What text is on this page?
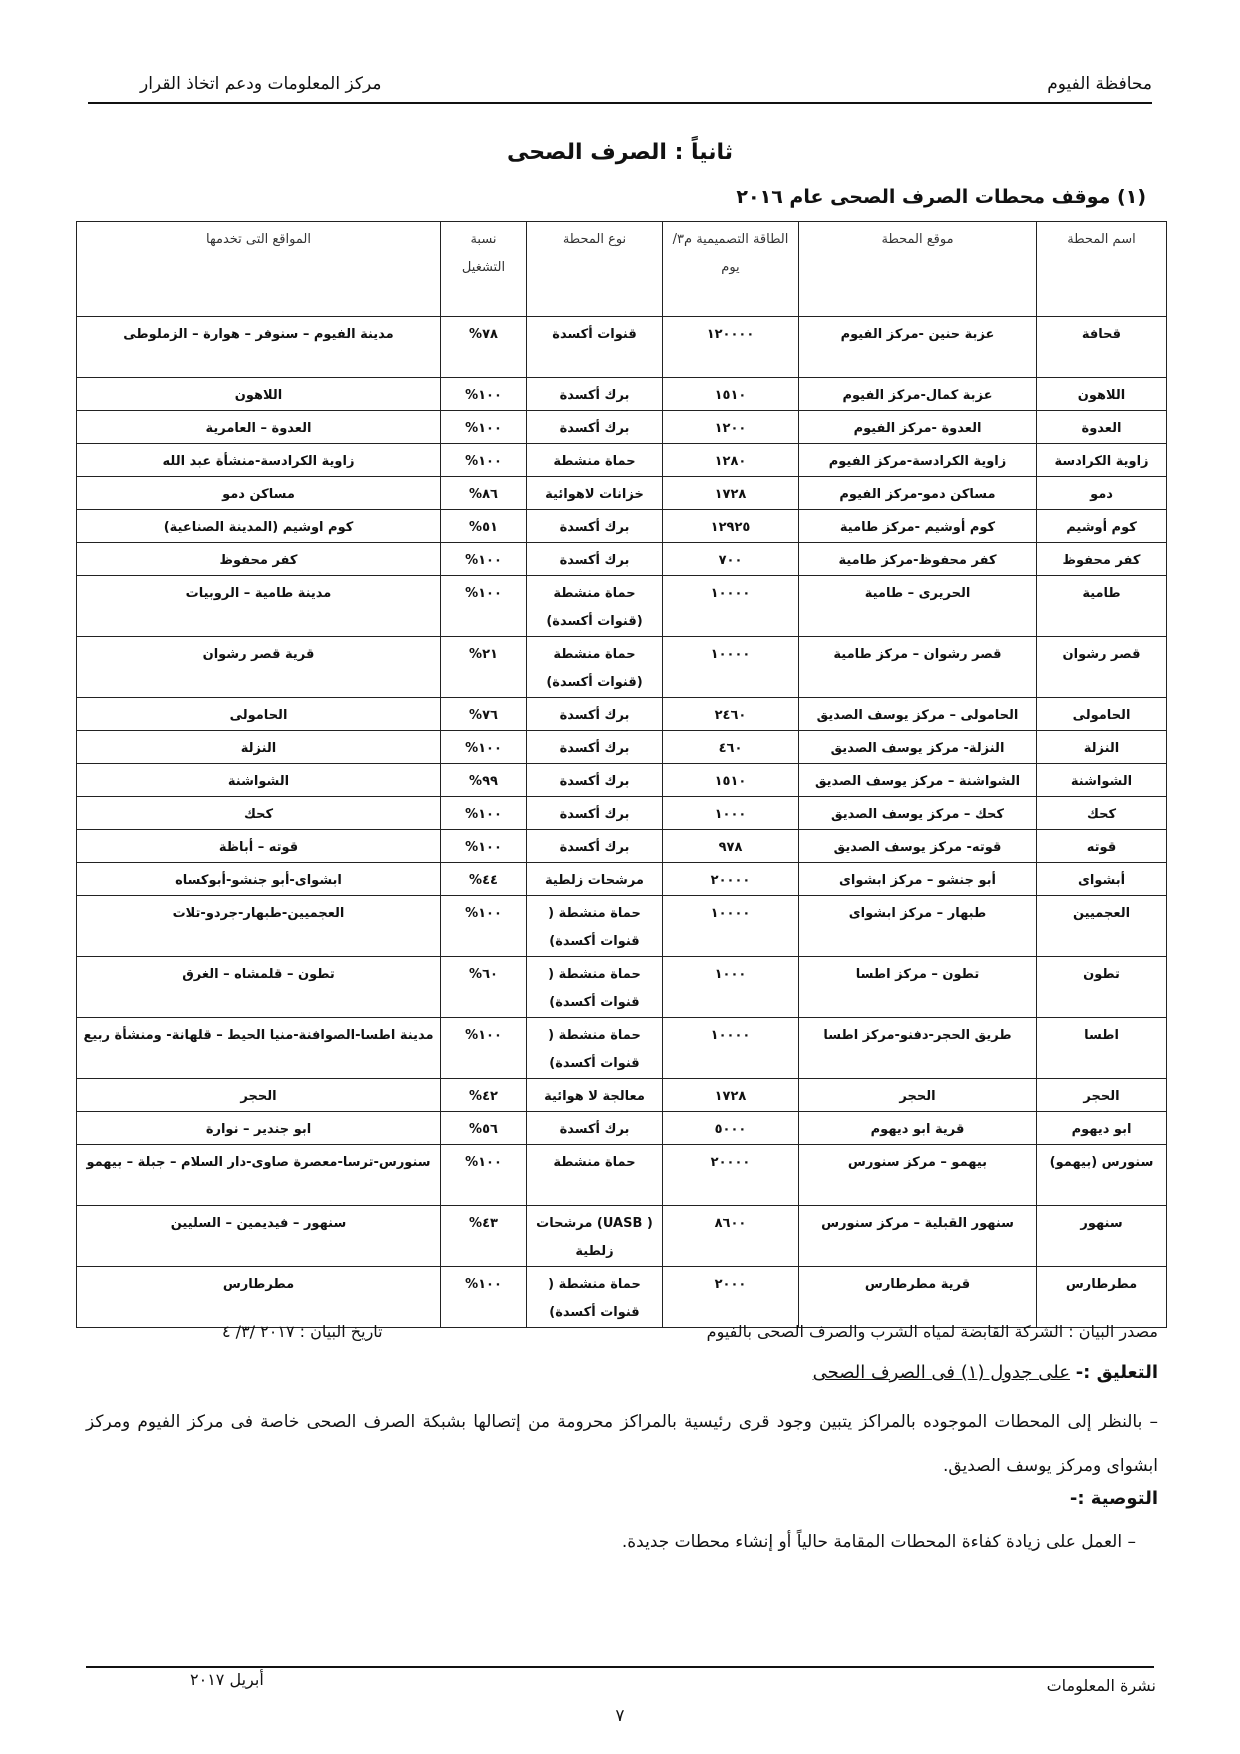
محافظة الفيوم
مركز المعلومات ودعم اتخاذ القرار
ثانياً : الصرف الصحى
(١) موقف محطات الصرف الصحى عام ٢٠١٦
اسم المحطة	موقع المحطة	الطاقة التصميمية م٣/يوم	نوع المحطة	نسبة التشغيل	المواقع التى تخدمها
قحافة	عزبة حنين -مركز الفيوم	١٢٠٠٠٠	قنوات أكسدة	٧٨%	مدينة الفيوم – سنوفر – هوارة – الزملوطى
اللاهون	عزبة كمال-مركز الفيوم	١٥١٠	برك أكسدة	١٠٠%	اللاهون
العدوة	العدوة -مركز الفيوم	١٢٠٠	برك أكسدة	١٠٠%	العدوة – العامرية
زاوية الكرادسة	زاوية الكرادسة-مركز الفيوم	١٢٨٠	حماة منشطة	١٠٠%	زاوية الكرادسة-منشأة عبد الله
دمو	مساكن دمو-مركز الفيوم	١٧٢٨	خزانات لاهوائية	٨٦%	مساكن دمو
كوم أوشيم	كوم أوشيم -مركز طامية	١٢٩٢٥	برك أكسدة	٥١%	كوم اوشيم (المدينة الصناعية)
كفر محفوظ	كفر محفوظ-مركز طامية	٧٠٠	برك أكسدة	١٠٠%	كفر محفوظ
طامية	الحريرى – طامية	١٠٠٠٠	حماة منشطة (قنوات أكسدة)	١٠٠%	مدينة طامية – الروبيات
قصر رشوان	قصر رشوان – مركز طامية	١٠٠٠٠	حماة منشطة (قنوات أكسدة)	٢١%	قرية قصر رشوان
الحامولى	الحامولى – مركز يوسف الصديق	٢٤٦٠	برك أكسدة	٧٦%	الحامولى
النزلة	النزلة- مركز يوسف الصديق	٤٦٠	برك أكسدة	١٠٠%	النزلة
الشواشنة	الشواشنة – مركز يوسف الصديق	١٥١٠	برك أكسدة	٩٩%	الشواشنة
كحك	كحك – مركز يوسف الصديق	١٠٠٠	برك أكسدة	١٠٠%	كحك
قوته	قوته- مركز يوسف الصديق	٩٧٨	برك أكسدة	١٠٠%	قوته – أباظة
أبشواى	أبو جنشو – مركز ابشواى	٢٠٠٠٠	مرشحات زلطية	٤٤%	ابشواى-أبو جنشو-أبوكساه
العجميين	طبهار – مركز ابشواى	١٠٠٠٠	حماة منشطة ( قنوات أكسدة)	١٠٠%	العجميين-طبهار-جردو-تلات
تطون	تطون – مركز اطسا	١٠٠٠	حماة منشطة ( قنوات أكسدة)	٦٠%	تطون – قلمشاه – الغرق
اطسا	طريق الحجر-دفنو-مركز اطسا	١٠٠٠٠	حماة منشطة ( قنوات أكسدة)	١٠٠%	مدينة اطسا-الصوافنة-منيا الحيط – قلهانة- ومنشأة ربيع
الحجر	الحجر	١٧٢٨	معالجة لا هوائية	٤٢%	الحجر
ابو ديهوم	قرية ابو ديهوم	٥٠٠٠	برك أكسدة	٥٦%	ابو جندير – نوارة
سنورس (بيهمو)	بيهمو – مركز سنورس	٢٠٠٠٠	حماة منشطة	١٠٠%	سنورس-ترسا-معصرة صاوى-دار السلام – جبلة – بيهمو
سنهور	سنهور القبلية – مركز سنورس	٨٦٠٠	( UASB) مرشحات زلطية	٤٣%	سنهور – فيديمين – السليين
مطرطارس	قرية مطرطارس	٢٠٠٠	حماة منشطة ( قنوات أكسدة)	١٠٠%	مطرطارس
مصدر البيان : الشركة القابضة لمياه الشرب والصرف الصحى بالفيوم
تاريخ البيان : ٢٠١٧ /٣/ ٤
التعليق :- على جدول (١) فى الصرف الصحى
– بالنظر إلى المحطات الموجوده بالمراكز يتبين وجود قرى رئيسية بالمراكز محرومة من إتصالها بشبكة الصرف الصحى خاصة فى مركز الفيوم ومركز ابشواى ومركز يوسف الصديق.
التوصية :-
– العمل على زيادة كفاءة المحطات المقامة حالياً أو إنشاء محطات جديدة.
نشرة المعلومات
أبريل ٢٠١٧
٧
